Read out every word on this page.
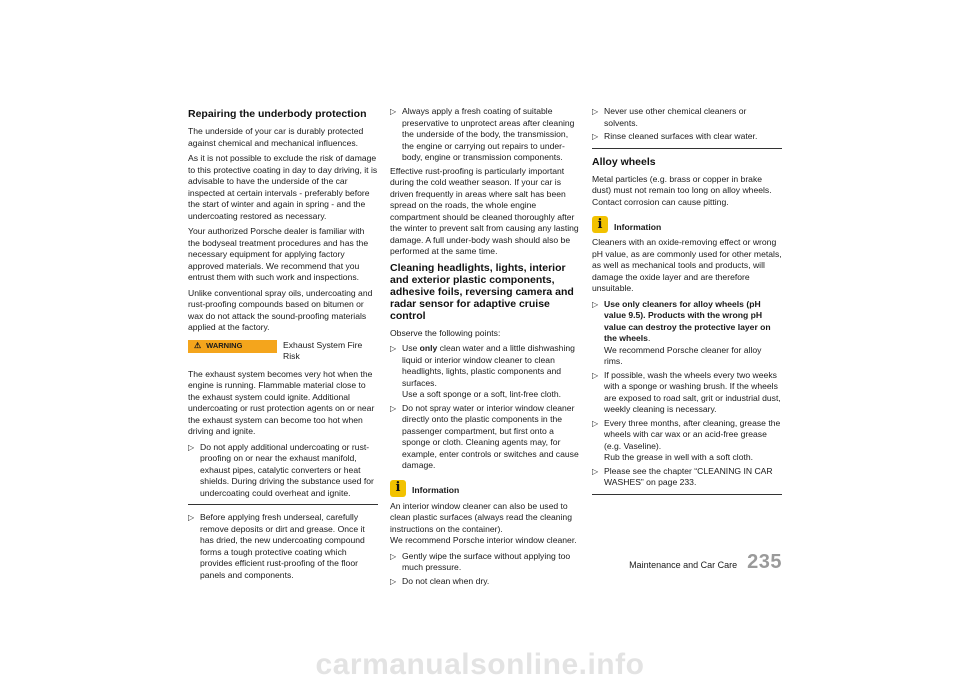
Repairing the underbody protection

The underside of your car is durably protected against chemical and mechanical influences.

As it is not possible to exclude the risk of damage to this protective coating in day to day driving, it is advisable to have the underside of the car inspected at certain intervals - preferably before the start of winter and again in spring - and the undercoating restored as necessary.

Your authorized Porsche dealer is familiar with the bodyseal treatment procedures and has the necessary equipment for applying factory approved materials. We recommend that you entrust them with such work and inspections.

Unlike conventional spray oils, undercoating and rust-proofing compounds based on bitumen or wax do not attack the sound-proofing materials applied at the factory.

⚠ WARNING	Exhaust System Fire Risk

The exhaust system becomes very hot when the engine is running. Flammable material close to the exhaust system could ignite. Additional undercoating or rust protection agents on or near the exhaust system can become too hot when driving and ignite.

▷ Do not apply additional undercoating or rust-proofing on or near the exhaust manifold, exhaust pipes, catalytic converters or heat shields. During driving the substance used for undercoating could overheat and ignite.
▷ Before applying fresh underseal, carefully remove deposits or dirt and grease. Once it has dried, the new undercoating compound forms a tough protective coating which provides efficient rust-proofing of the floor panels and components.
▷ Always apply a fresh coating of suitable preservative to unprotect areas after cleaning the underside of the body, the transmission, the engine or carrying out repairs to under-body, engine or transmission components.

Effective rust-proofing is particularly important during the cold weather season. If your car is driven frequently in areas where salt has been spread on the roads, the whole engine compartment should be cleaned thoroughly after the winter to prevent salt from causing any lasting damage. A full under-body wash should also be performed at the same time.

Cleaning headlights, lights, interior and exterior plastic components, adhesive foils, reversing camera and radar sensor for adaptive cruise control

Observe the following points:

▷ Use only clean water and a little dishwashing liquid or interior window cleaner to clean headlights, lights, plastic components and surfaces.
Use a soft sponge or a soft, lint-free cloth.
▷ Do not spray water or interior window cleaner directly onto the plastic components in the passenger compartment, but first onto a sponge or cloth. Cleaning agents may, for example, enter controls or switches and cause damage.
i	Information

An interior window cleaner can also be used to clean plastic surfaces (always read the cleaning instructions on the container).

We recommend Porsche interior window cleaner.

▷ Gently wipe the surface without applying too much pressure.
▷ Do not clean when dry.
▷ Never use other chemical cleaners or solvents.
▷ Rinse cleaned surfaces with clear water.
Alloy wheels

Metal particles (e.g. brass or copper in brake dust) must not remain too long on alloy wheels. Contact corrosion can cause pitting.

i	Information

Cleaners with an oxide-removing effect or wrong pH value, as are commonly used for other metals, as well as mechanical tools and products, will damage the oxide layer and are therefore unsuitable.

▷ Use only cleaners for alloy wheels (pH value 9.5). Products with the wrong pH value can destroy the protective layer on the wheels.
We recommend Porsche cleaner for alloy rims.
▷ If possible, wash the wheels every two weeks with a sponge or washing brush. If the wheels are exposed to road salt, grit or industrial dust, weekly cleaning is necessary.
▷ Every three months, after cleaning, grease the wheels with car wax or an acid-free grease (e.g. Vaseline).
Rub the grease in well with a soft cloth.
▷ Please see the chapter “CLEANING IN CAR WASHES” on page 233.
Maintenance and Car Care 235
carmanualsonline.info
